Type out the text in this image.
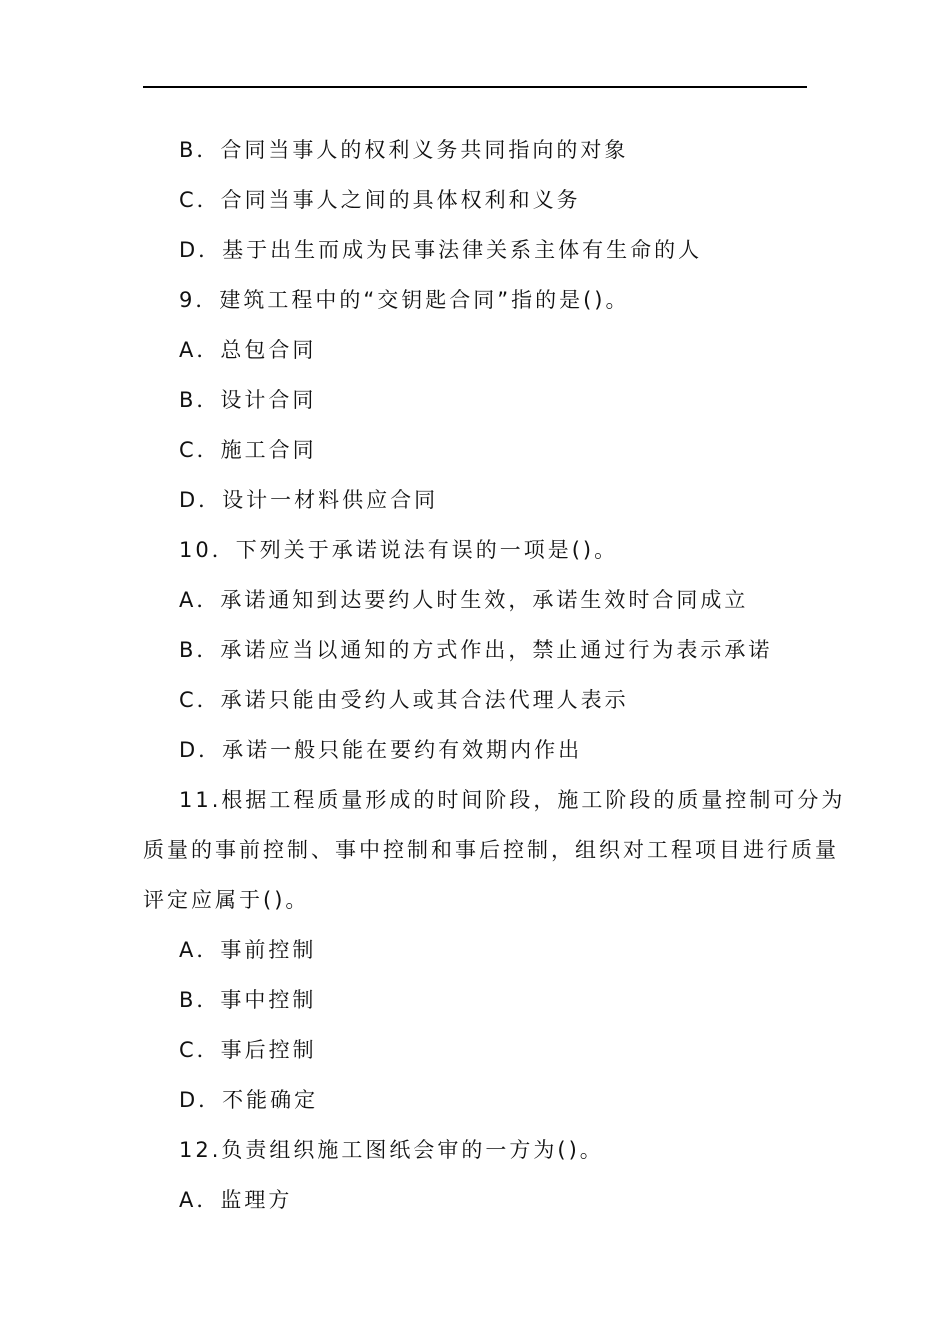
B．合同当事人的权利义务共同指向的对象
C．合同当事人之间的具体权利和义务
D．基于出生而成为民事法律关系主体有生命的人
9．建筑工程中的“交钥匙合同”指的是()。
A．总包合同
B．设计合同
C．施工合同
D．设计一材料供应合同
10．下列关于承诺说法有误的一项是()。
A．承诺通知到达要约人时生效，承诺生效时合同成立
B．承诺应当以通知的方式作出，禁止通过行为表示承诺
C．承诺只能由受约人或其合法代理人表示
D．承诺一般只能在要约有效期内作出
11.根据工程质量形成的时间阶段，施工阶段的质量控制可分为
质量的事前控制、事中控制和事后控制，组织对工程项目进行质量
评定应属于()。
A．事前控制
B．事中控制
C．事后控制
D．不能确定
12.负责组织施工图纸会审的一方为()。
A．监理方
